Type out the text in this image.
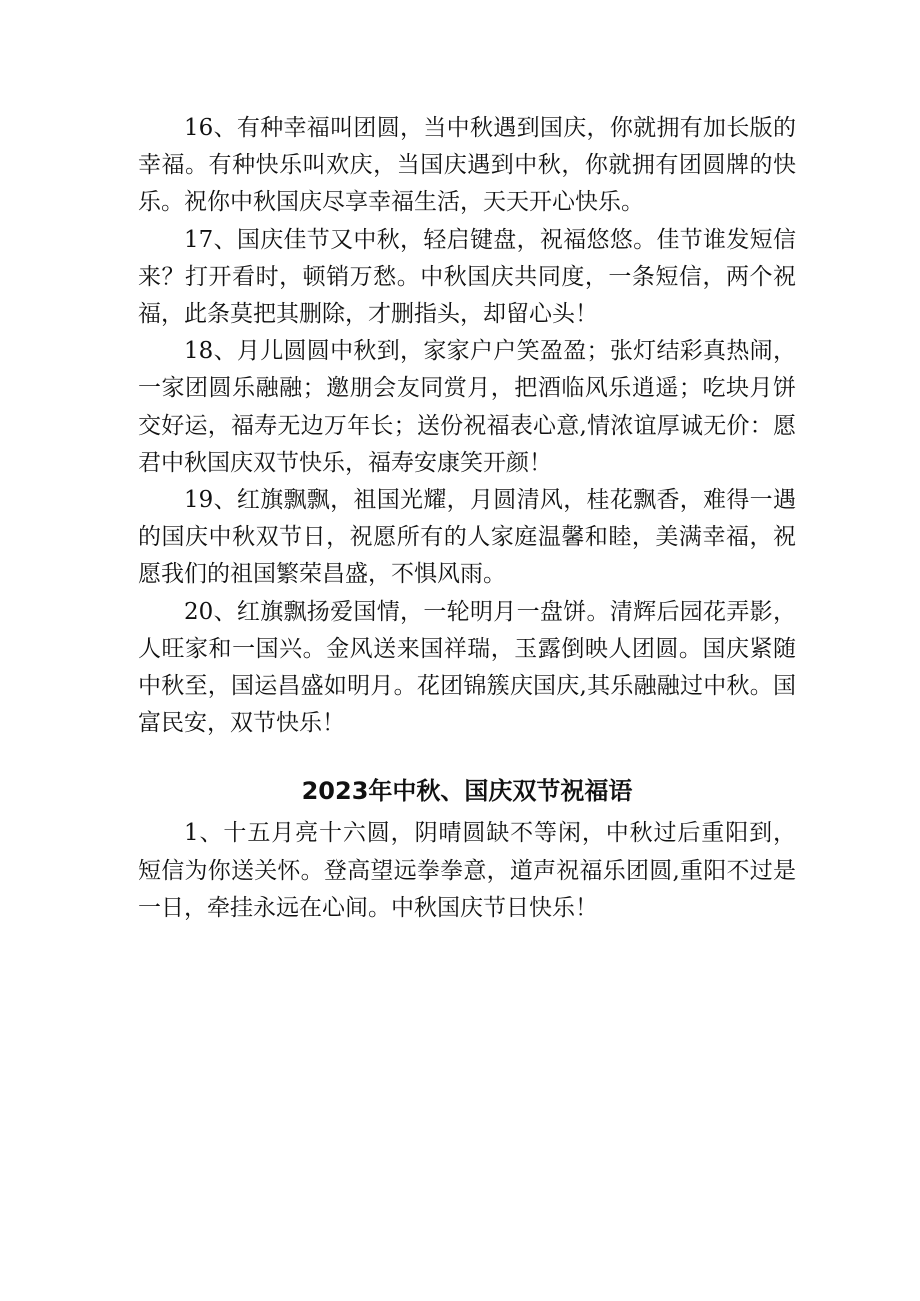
16、有种幸福叫团圆，当中秋遇到国庆，你就拥有加长版的幸福。有种快乐叫欢庆，当国庆遇到中秋，你就拥有团圆牌的快乐。祝你中秋国庆尽享幸福生活，天天开心快乐。

17、国庆佳节又中秋，轻启键盘，祝福悠悠。佳节谁发短信来？打开看时，顿销万愁。中秋国庆共同度，一条短信，两个祝福，此条莫把其删除，才删指头，却留心头！

18、月儿圆圆中秋到，家家户户笑盈盈；张灯结彩真热闹，一家团圆乐融融；邀朋会友同赏月，把酒临风乐逍遥；吃块月饼交好运，福寿无边万年长；送份祝福表心意,情浓谊厚诚无价：愿君中秋国庆双节快乐，福寿安康笑开颜！

19、红旗飘飘，祖国光耀，月圆清风，桂花飘香，难得一遇的国庆中秋双节日，祝愿所有的人家庭温馨和睦，美满幸福，祝愿我们的祖国繁荣昌盛，不惧风雨。

20、红旗飘扬爱国情，一轮明月一盘饼。清辉后园花弄影，人旺家和一国兴。金风送来国祥瑞，玉露倒映人团圆。国庆紧随中秋至，国运昌盛如明月。花团锦簇庆国庆,其乐融融过中秋。国富民安，双节快乐！

2023年中秋、国庆双节祝福语

1、十五月亮十六圆，阴晴圆缺不等闲，中秋过后重阳到，短信为你送关怀。登高望远拳拳意，道声祝福乐团圆,重阳不过是一日，牵挂永远在心间。中秋国庆节日快乐！
